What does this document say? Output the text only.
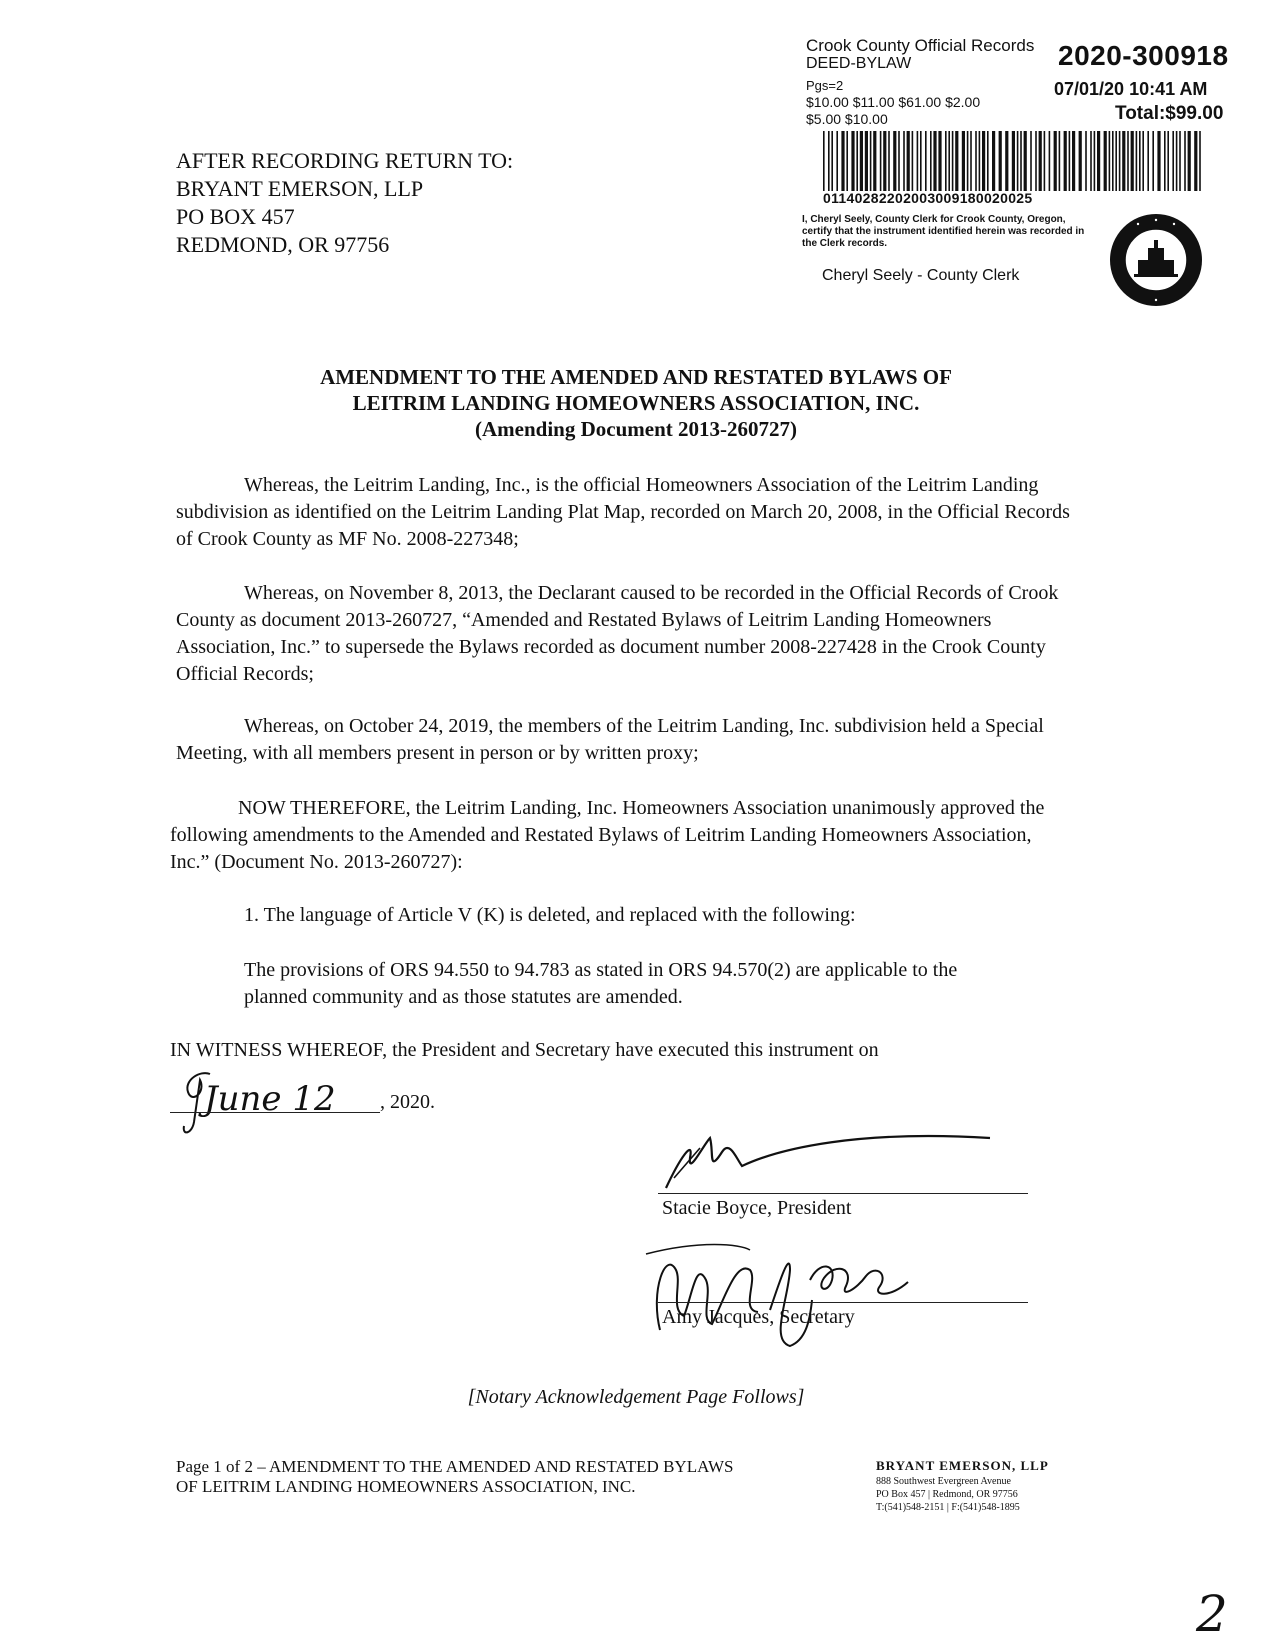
Crook County Official Records
DEED-BYLAW
Pgs=2
$10.00 $11.00 $61.00 $2.00
$5.00 $10.00
2020-300918
07/01/20 10:41 AM
Total:$99.00
01140282202003009180020025
I, Cheryl Seely, County Clerk for Crook County, Oregon, certify that the instrument identified herein was recorded in the Clerk records.
Cheryl Seely - County Clerk
AFTER RECORDING RETURN TO:
BRYANT EMERSON, LLP
PO BOX 457
REDMOND, OR 97756
AMENDMENT TO THE AMENDED AND RESTATED BYLAWS OF
LEITRIM LANDING HOMEOWNERS ASSOCIATION, INC.
(Amending Document 2013-260727)
Whereas, the Leitrim Landing, Inc., is the official Homeowners Association of the Leitrim Landing subdivision as identified on the Leitrim Landing Plat Map, recorded on March 20, 2008, in the Official Records of Crook County as MF No. 2008-227348;
Whereas, on November 8, 2013, the Declarant caused to be recorded in the Official Records of Crook County as document 2013-260727, “Amended and Restated Bylaws of Leitrim Landing Homeowners Association, Inc.” to supersede the Bylaws recorded as document number 2008-227428 in the Crook County Official Records;
Whereas, on October 24, 2019, the members of the Leitrim Landing, Inc. subdivision held a Special Meeting, with all members present in person or by written proxy;
NOW THEREFORE, the Leitrim Landing, Inc. Homeowners Association unanimously approved the following amendments to the Amended and Restated Bylaws of Leitrim Landing Homeowners Association, Inc.” (Document No. 2013-260727):
1. The language of Article V (K) is deleted, and replaced with the following:
The provisions of ORS 94.550 to 94.783 as stated in ORS 94.570(2) are applicable to the planned community and as those statutes are amended.
IN WITNESS WHEREOF, the President and Secretary have executed this instrument on
June 12 , 2020.
Stacie Boyce, President
Amy Jacques, Secretary
[Notary Acknowledgement Page Follows]
Page 1 of 2 – AMENDMENT TO THE AMENDED AND RESTATED BYLAWS
OF LEITRIM LANDING HOMEOWNERS ASSOCIATION, INC.
BRYANT EMERSON, LLP
888 Southwest Evergreen Avenue
PO Box 457 | Redmond, OR 97756
T:(541)548-2151 | F:(541)548-1895
2
